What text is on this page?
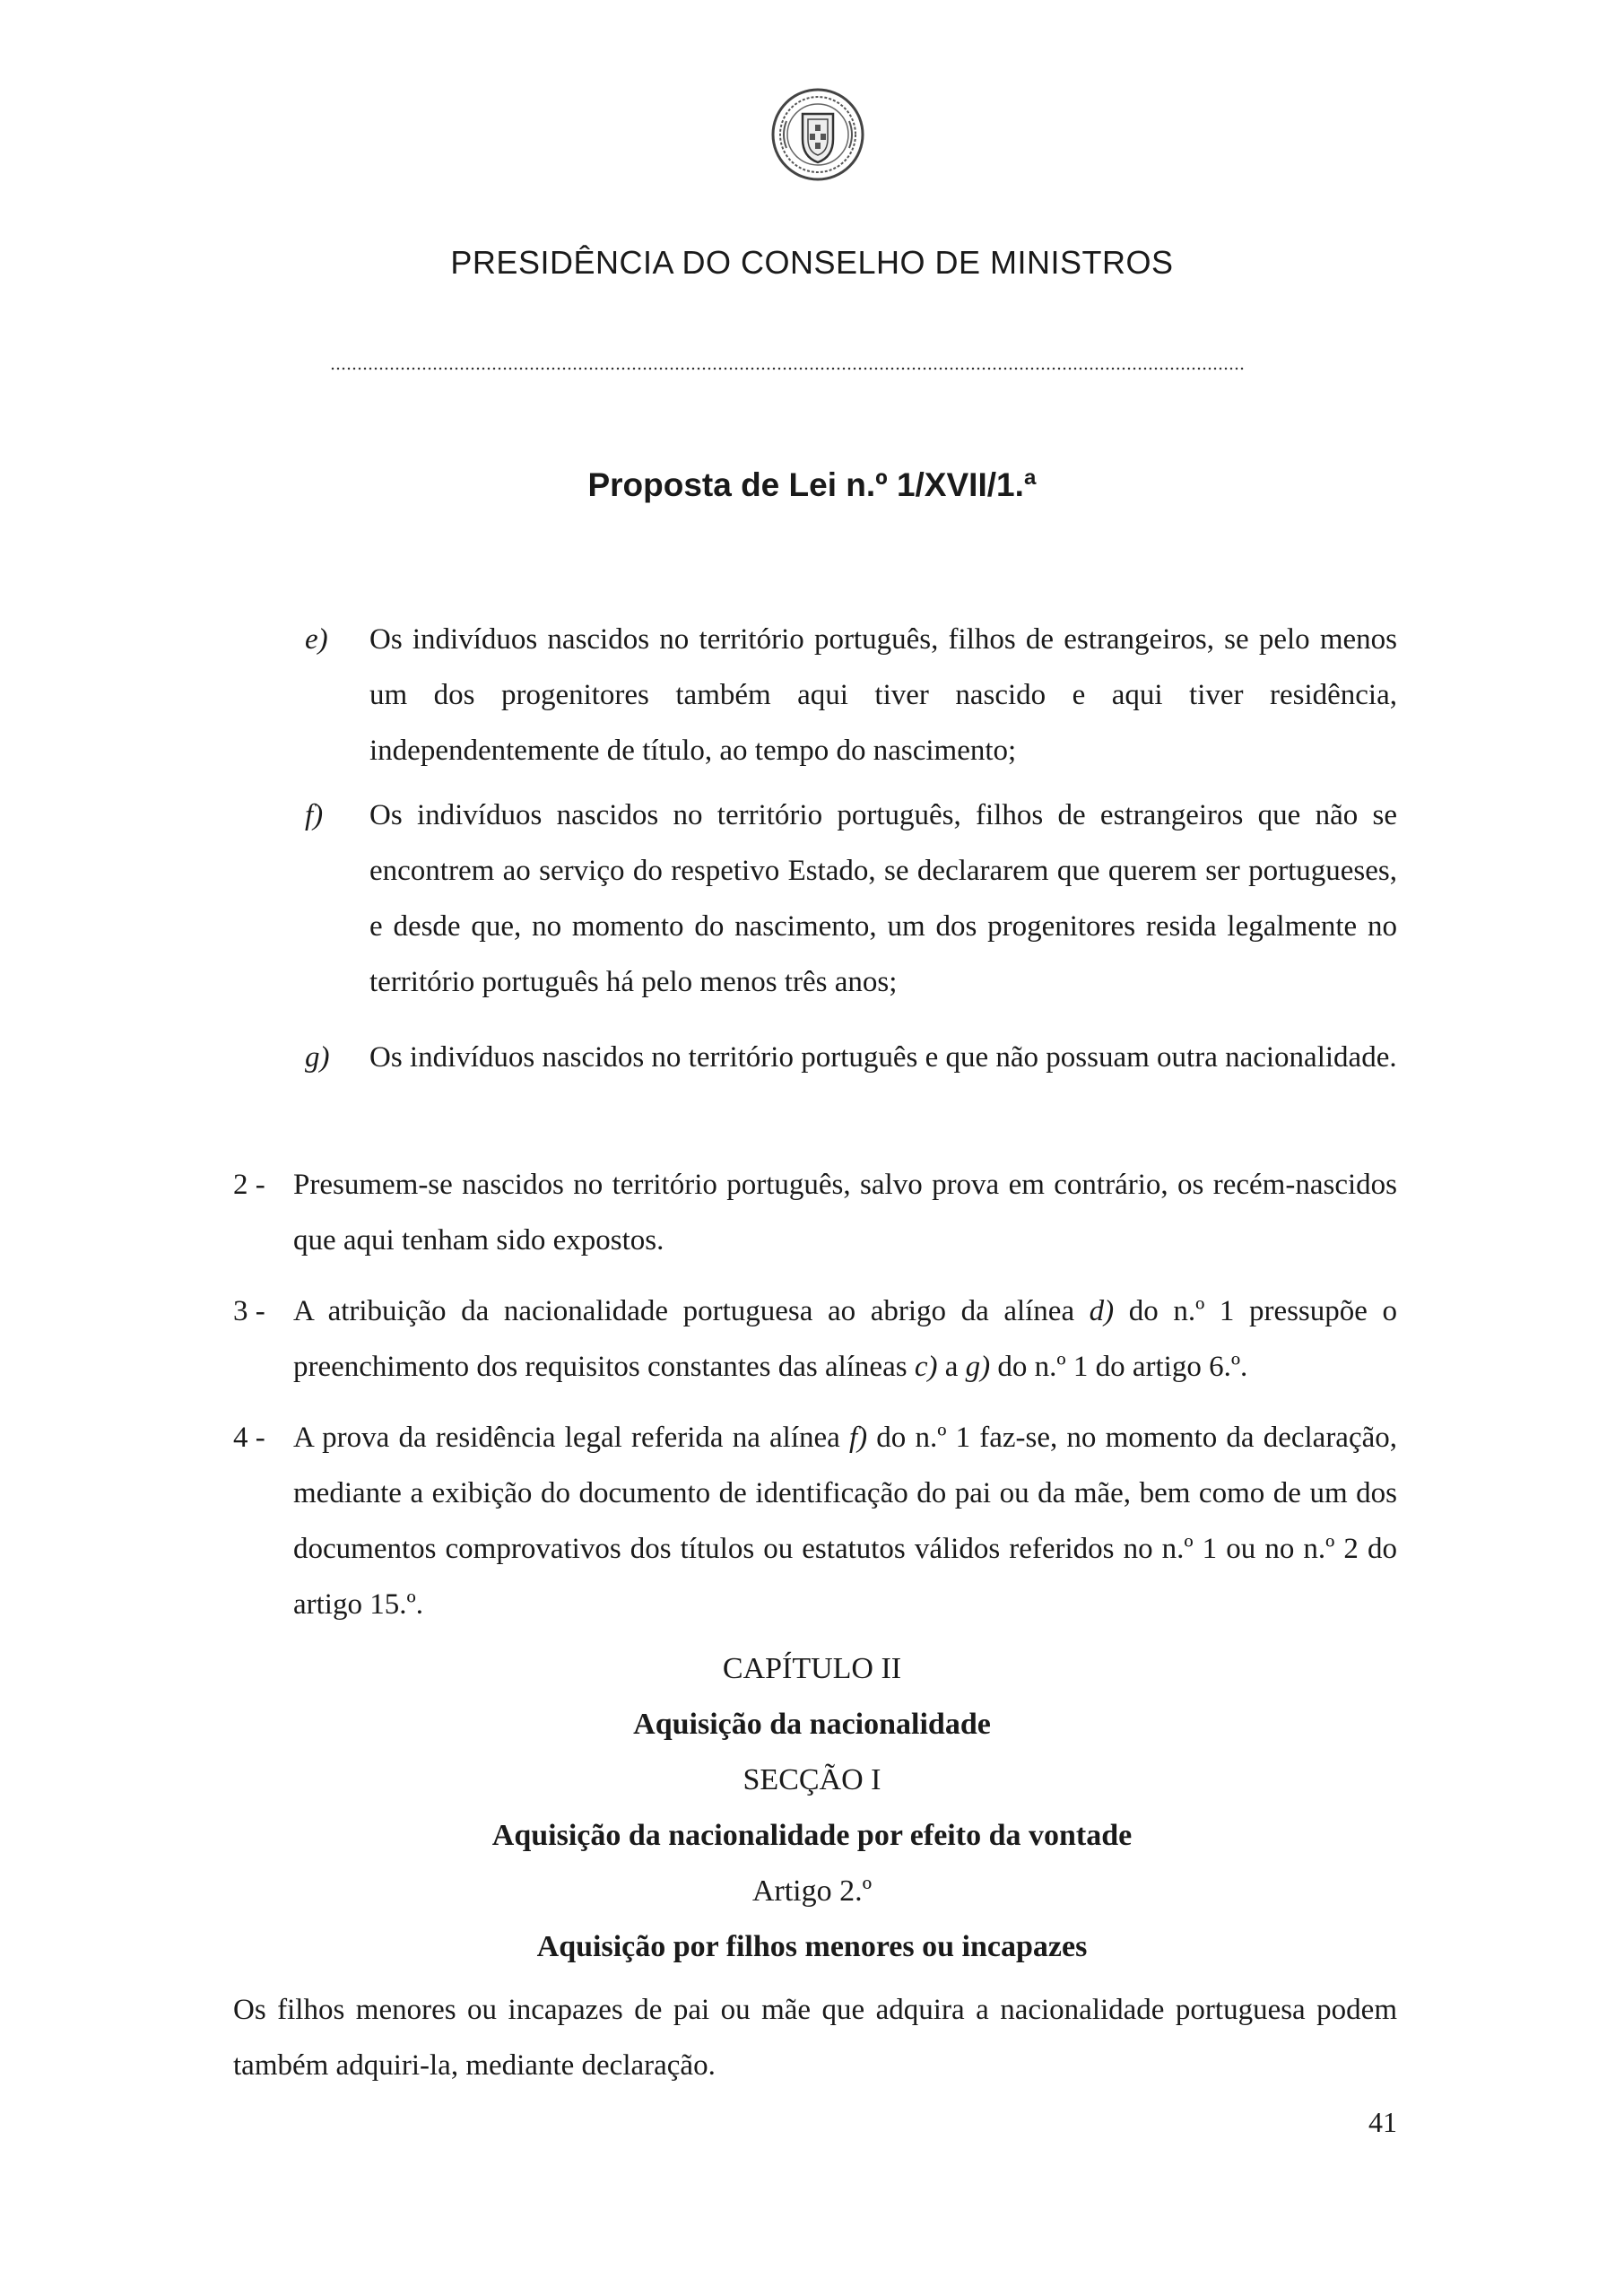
PRESIDÊNCIA DO CONSELHO DE MINISTROS
Proposta de Lei n.º 1/XVII/1.ª
e) Os indivíduos nascidos no território português, filhos de estrangeiros, se pelo menos um dos progenitores também aqui tiver nascido e aqui tiver residência, independentemente de título, ao tempo do nascimento;
f) Os indivíduos nascidos no território português, filhos de estrangeiros que não se encontrem ao serviço do respetivo Estado, se declararem que querem ser portugueses, e desde que, no momento do nascimento, um dos progenitores resida legalmente no território português há pelo menos três anos;
g) Os indivíduos nascidos no território português e que não possuam outra nacionalidade.
2 - Presumem-se nascidos no território português, salvo prova em contrário, os recém-nascidos que aqui tenham sido expostos.
3 - A atribuição da nacionalidade portuguesa ao abrigo da alínea d) do n.º 1 pressupõe o preenchimento dos requisitos constantes das alíneas c) a g) do n.º 1 do artigo 6.º.
4 - A prova da residência legal referida na alínea f) do n.º 1 faz-se, no momento da declaração, mediante a exibição do documento de identificação do pai ou da mãe, bem como de um dos documentos comprovativos dos títulos ou estatutos válidos referidos no n.º 1 ou no n.º 2 do artigo 15.º.
CAPÍTULO II
Aquisição da nacionalidade
SECÇÃO I
Aquisição da nacionalidade por efeito da vontade
Artigo 2.º
Aquisição por filhos menores ou incapazes
Os filhos menores ou incapazes de pai ou mãe que adquira a nacionalidade portuguesa podem também adquiri-la, mediante declaração.
41
